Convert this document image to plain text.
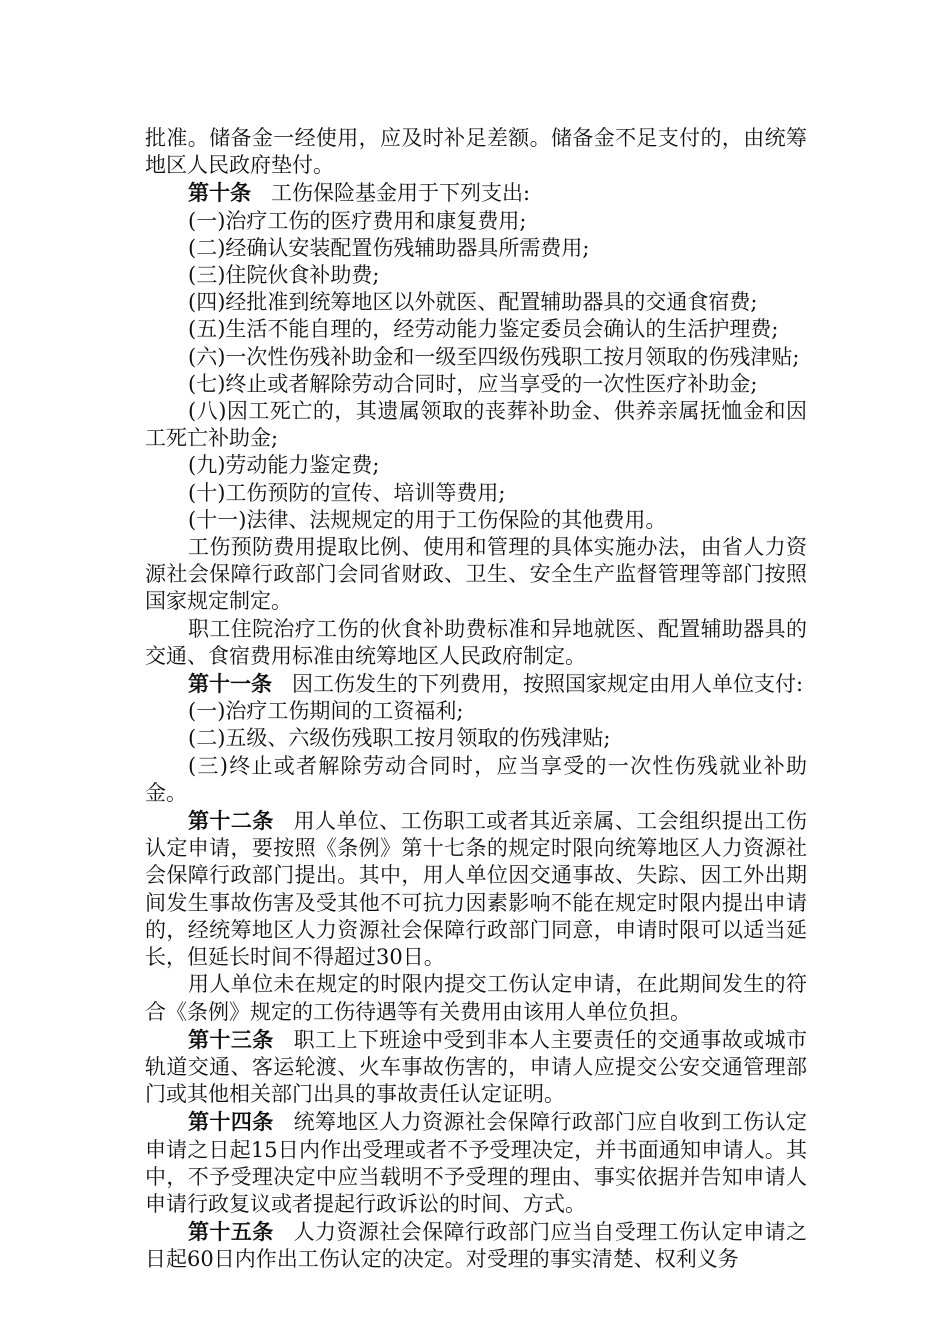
批准。储备金一经使用，应及时补足差额。储备金不足支付的，由统筹地区人民政府垫付。

第十条 工伤保险基金用于下列支出:

(一)治疗工伤的医疗费用和康复费用;

(二)经确认安装配置伤残辅助器具所需费用;

(三)住院伙食补助费;

(四)经批准到统筹地区以外就医、配置辅助器具的交通食宿费;

(五)生活不能自理的，经劳动能力鉴定委员会确认的生活护理费;

(六)一次性伤残补助金和一级至四级伤残职工按月领取的伤残津贴;

(七)终止或者解除劳动合同时，应当享受的一次性医疗补助金;

(八)因工死亡的，其遗属领取的丧葬补助金、供养亲属抚恤金和因工死亡补助金;

(九)劳动能力鉴定费;

(十)工伤预防的宣传、培训等费用;

(十一)法律、法规规定的用于工伤保险的其他费用。

工伤预防费用提取比例、使用和管理的具体实施办法，由省人力资源社会保障行政部门会同省财政、卫生、安全生产监督管理等部门按照国家规定制定。

职工住院治疗工伤的伙食补助费标准和异地就医、配置辅助器具的交通、食宿费用标准由统筹地区人民政府制定。

第十一条 因工伤发生的下列费用，按照国家规定由用人单位支付:

(一)治疗工伤期间的工资福利;

(二)五级、六级伤残职工按月领取的伤残津贴;

(三)终止或者解除劳动合同时，应当享受的一次性伤残就业补助金。

第十二条 用人单位、工伤职工或者其近亲属、工会组织提出工伤认定申请，要按照《条例》第十七条的规定时限向统筹地区人力资源社会保障行政部门提出。其中，用人单位因交通事故、失踪、因工外出期间发生事故伤害及受其他不可抗力因素影响不能在规定时限内提出申请的，经统筹地区人力资源社会保障行政部门同意，申请时限可以适当延长，但延长时间不得超过30日。

用人单位未在规定的时限内提交工伤认定申请，在此期间发生的符合《条例》规定的工伤待遇等有关费用由该用人单位负担。

第十三条 职工上下班途中受到非本人主要责任的交通事故或城市轨道交通、客运轮渡、火车事故伤害的，申请人应提交公安交通管理部门或其他相关部门出具的事故责任认定证明。

第十四条 统筹地区人力资源社会保障行政部门应自收到工伤认定申请之日起15日内作出受理或者不予受理决定，并书面通知申请人。其中，不予受理决定中应当载明不予受理的理由、事实依据并告知申请人申请行政复议或者提起行政诉讼的时间、方式。

第十五条 人力资源社会保障行政部门应当自受理工伤认定申请之日起60日内作出工伤认定的决定。对受理的事实清楚、权利义务
